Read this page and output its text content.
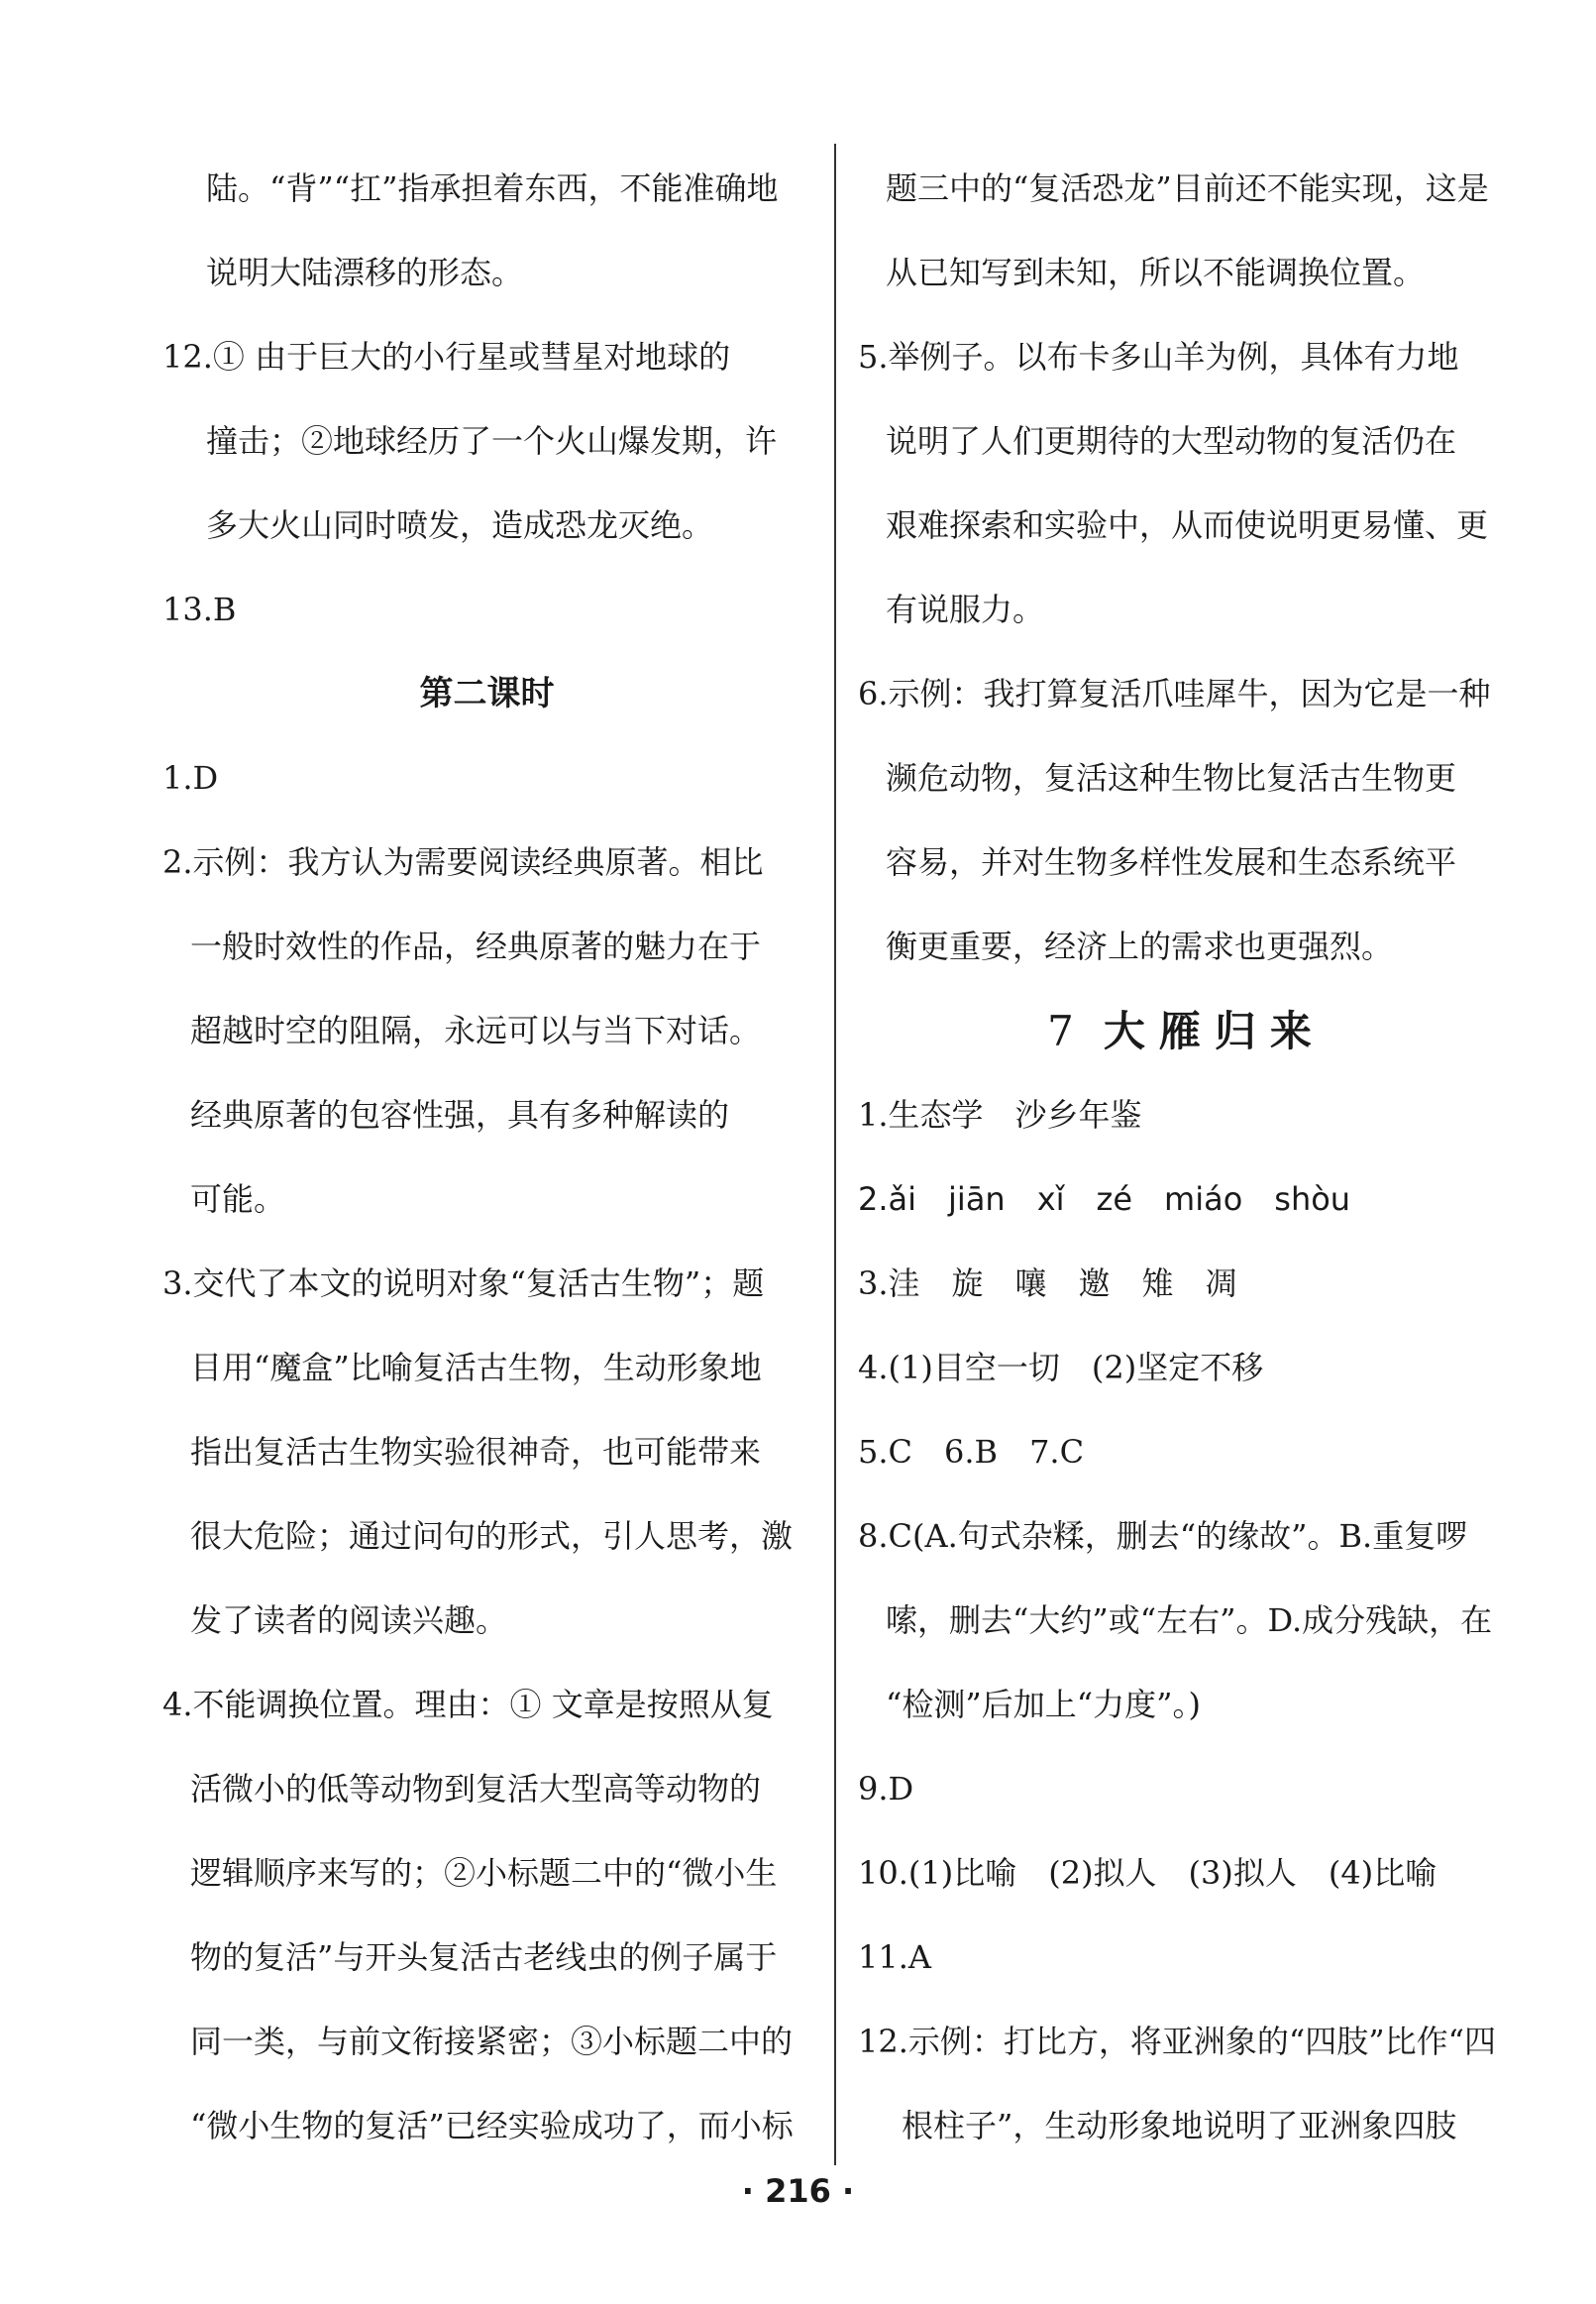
陆。“背”“扛”指承担着东西，不能准确地
说明大陆漂移的形态。
12.① 由于巨大的小行星或彗星对地球的
撞击；②地球经历了一个火山爆发期，许
多大火山同时喷发，造成恐龙灭绝。
13.B
第二课时
1.D
2.示例：我方认为需要阅读经典原著。相比
一般时效性的作品，经典原著的魅力在于
超越时空的阻隔，永远可以与当下对话。
经典原著的包容性强，具有多种解读的
可能。
3.交代了本文的说明对象“复活古生物”；题
目用“魔盒”比喻复活古生物，生动形象地
指出复活古生物实验很神奇，也可能带来
很大危险；通过问句的形式，引人思考，激
发了读者的阅读兴趣。
4.不能调换位置。理由：① 文章是按照从复
活微小的低等动物到复活大型高等动物的
逻辑顺序来写的；②小标题二中的“微小生
物的复活”与开头复活古老线虫的例子属于
同一类，与前文衔接紧密；③小标题二中的
“微小生物的复活”已经实验成功了，而小标
题三中的“复活恐龙”目前还不能实现，这是
从已知写到未知，所以不能调换位置。
5.举例子。以布卡多山羊为例，具体有力地
说明了人们更期待的大型动物的复活仍在
艰难探索和实验中，从而使说明更易懂、更
有说服力。
6.示例：我打算复活爪哇犀牛，因为它是一种
濒危动物，复活这种生物比复活古生物更
容易，并对生物多样性发展和生态系统平
衡更重要，经济上的需求也更强烈。
7 大雁归来
1.生态学　沙乡年鉴
2.ǎi　jiān　xǐ　zé　miáo　shòu
3.洼　旋　嚷　邀　雉　凋
4.(1)目空一切　(2)坚定不移
5.C　6.B　7.C
8.C(A.句式杂糅，删去“的缘故”。B.重复啰
嗦，删去“大约”或“左右”。D.成分残缺，在
“检测”后加上“力度”。)
9.D
10.(1)比喻　(2)拟人　(3)拟人　(4)比喻
11.A
12.示例：打比方，将亚洲象的“四肢”比作“四
根柱子”，生动形象地说明了亚洲象四肢
· 216 ·
